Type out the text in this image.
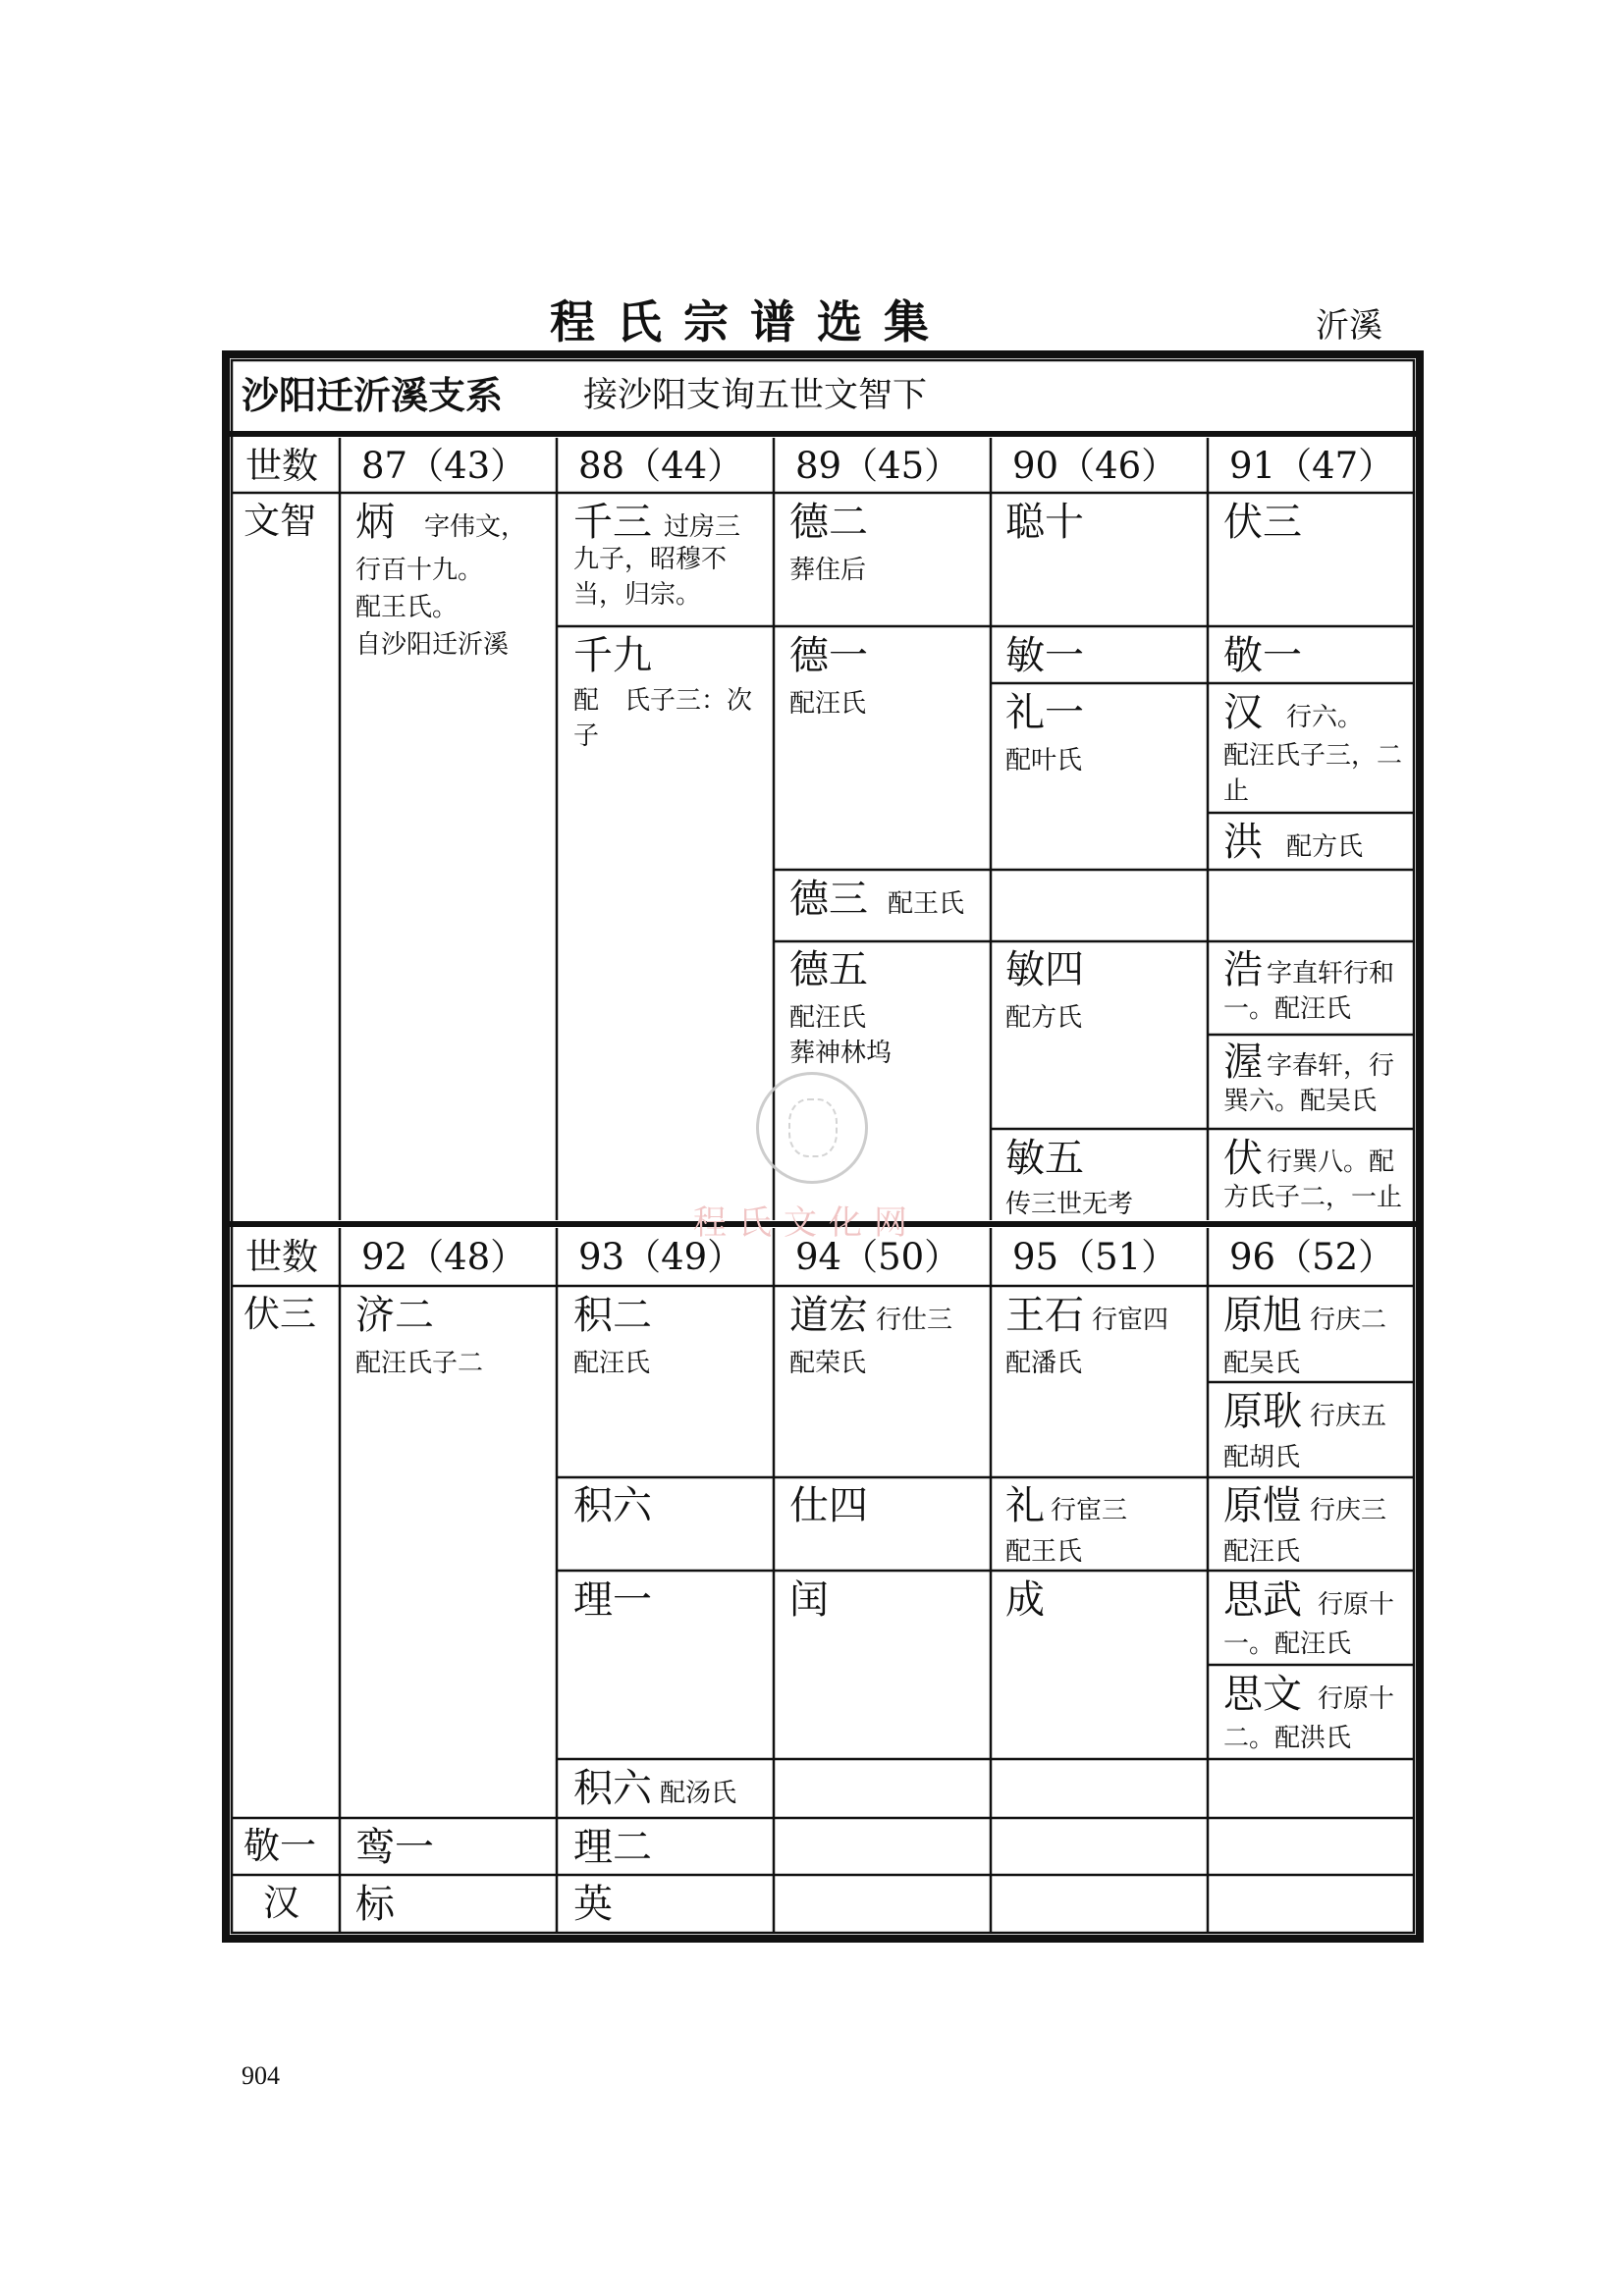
程氏宗谱选集	沂溪
沙阳迁沂溪支系 接沙阳支询五世文智下
世数 87（43） 88（44） 89（45） 90（46） 91（47）
文智 炳 字伟文，
行百十九。
配王氏。
自沙阳迁沂溪
千三 过房三
九子，昭穆不当，归宗。
千九
配　氏子三：次子
德二
葬住后
德一
配汪氏
德三 配王氏
德五
配汪氏
葬神林坞
聪十
敏一
礼一
配叶氏
敏四
配方氏
敏五
传三世无考
伏三
敬一
汉 行六。
配汪氏子三，二止
洪 配方氏
浩 字直轩行和一。配汪氏
渥 字春轩，行巽六。配吴氏
伏 行巽八。配方氏子二，一止
程氏文化网
世数 92（48） 93（49） 94（50） 95（51） 96（52）
伏三
敬一
汉
济二
配汪氏子二
鸾一
标
积二
配汪氏
积六
理一
积六 配汤氏
理二
英
道宏 行仕三
配荣氏
仕四
闰
王石 行宦四
配潘氏
礼 行宦三
配王氏
成
原旭 行庆二
配吴氏
原耿 行庆五
配胡氏
原愷 行庆三
配汪氏
思武 行原十
一。配汪氏
思文 行原十
二。配洪氏
904
